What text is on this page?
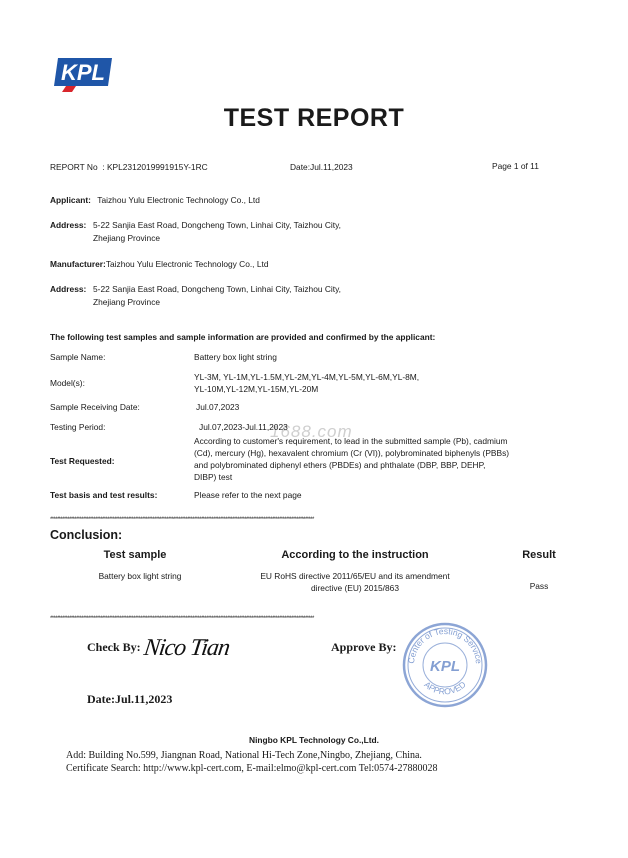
KPL
TEST REPORT
REPORT No  : KPL2312019991915Y-1RC	Date:Jul.11,2023	Page 1 of 11
Applicant: Taizhou Yulu Electronic Technology Co., Ltd
Address: 5-22 Sanjia East Road, Dongcheng Town, Linhai City, Taizhou City,
Zhejiang Province
Manufacturer:Taizhou Yulu Electronic Technology Co., Ltd
Address: 5-22 Sanjia East Road, Dongcheng Town, Linhai City, Taizhou City,
Zhejiang Province
The following test samples and sample information are provided and confirmed by the applicant:
Sample Name:	Battery box light string
Model(s):
YL-3M, YL-1M,YL-1.5M,YL-2M,YL-4M,YL-5M,YL-6M,YL-8M,
YL-10M,YL-12M,YL-15M,YL-20M
Sample Receiving Date:	Jul.07,2023
Testing Period:	1688.com
Jul.07,2023-Jul.11,2023
Test Requested:
According to customer's requirement, to lead in the submitted sample (Pb), cadmium
(Cd), mercury (Hg), hexavalent chromium (Cr (VI)), polybrominated biphenyls (PBBs)
and polybrominated diphenyl ethers (PBDEs) and phthalate (DBP, BBP, DEHP,
DIBP) test
Test basis and test results:	Please refer to the next page
********************************************************************************************************************************************************
Conclusion:
Test sample	According to the instruction	Result
Battery box light string	EU RoHS directive 2011/65/EU and its amendment
directive (EU) 2015/863	Pass
********************************************************************************************************************************************************
Check By: Nico Tian	Approve By:
Center of Testing Service
KPL
APPROVED
Date:Jul.11,2023
Ningbo KPL Technology Co.,Ltd.
Add: Building No.599, Jiangnan Road, National Hi-Tech Zone,Ningbo, Zhejiang, China.
Certificate Search: http://www.kpl-cert.com, E-mail:elmo@kpl-cert.com Tel:0574-27880028
